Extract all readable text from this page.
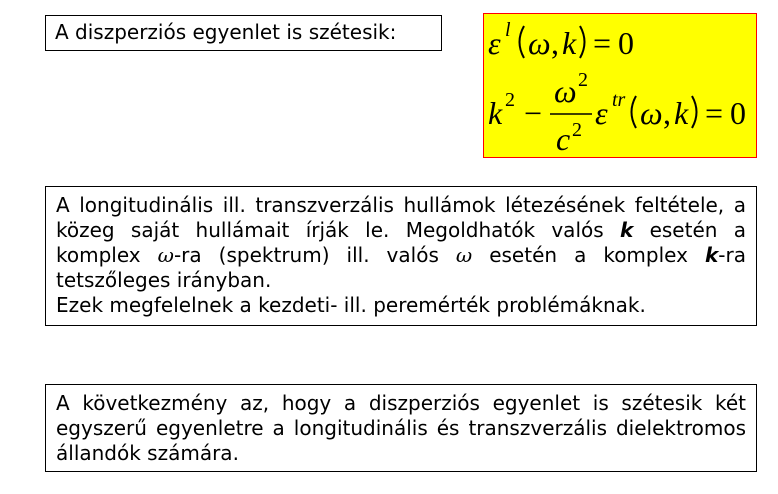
A diszperziós egyenlet is szétesik:	ε l ω , k = 0
k 2 −
ω 2
c 2 ε tr ω , k = 0

A longitudinális ill. transzverzális hullámok létezésének feltétele, a közeg saját hullámait írják le. Megoldhatók valós k esetén a komplex ω-ra (spektrum) ill. valós ω esetén a komplex k-ra tetszőleges irányban.

Ezek megfelelnek a kezdeti- ill. peremérték problémáknak.

A következmény az, hogy a diszperziós egyenlet is szétesik két egyszerű egyenletre a longitudinális és transzverzális dielektromos állandók számára.
